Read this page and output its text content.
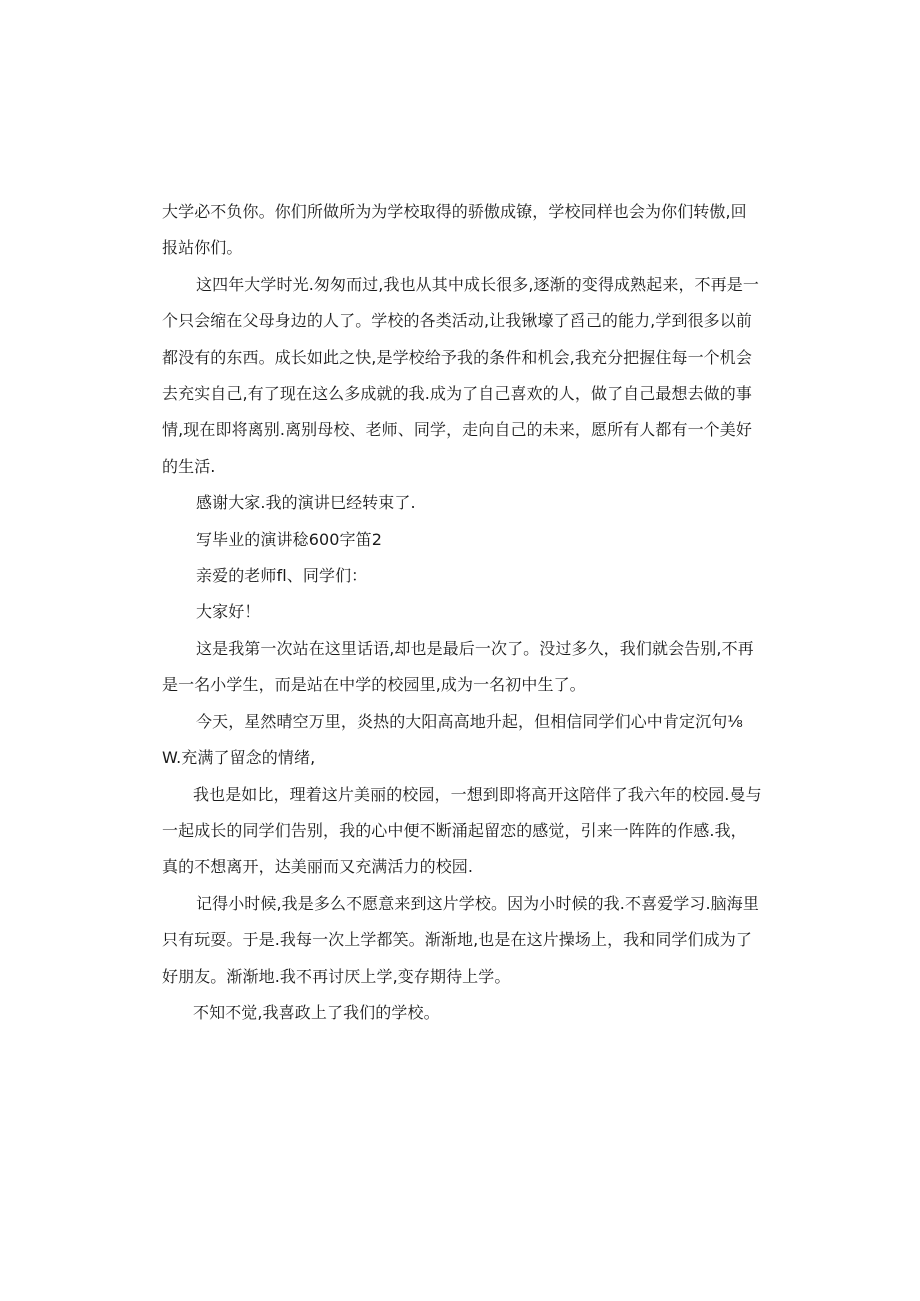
大学必不负你。你们所做所为为学校取得的骄傲成镣，学校同样也会为你们转傲,回报站你们。

这四年大学时光.匆匆而过,我也从其中成长很多,逐渐的变得成熟起来，不再是一个只会缩在父母身边的人了。学校的各类活动,让我锹壕了舀己的能力,学到很多以前都没有的东西。成长如此之快,是学校给予我的条件和机会,我充分把握住每一个机会去充实自己,有了现在这么多成就的我.成为了自己喜欢的人，做了自己最想去做的事情,现在即将离别.离别母校、老师、同学，走向自己的未来，愿所有人都有一个美好的生活.

感谢大家.我的演讲巳经转束了.

写毕业的演讲稔600字笛2

亲爱的老师fl、同学们：

大家好！

这是我第一次站在这里话语,却也是最后一次了。没过多久，我们就会告别,不再是一名小学生，而是站在中学的校园里,成为一名初中生了。

今天，星然晴空万里，炎热的大阳高高地升起，但相信同学们心中肯定沉句⅛W.充满了留念的情绪,

我也是如比，理着这片美丽的校园，一想到即将高开这陪伴了我六年的校园.曼与一起成长的同学们告别，我的心中便不断涌起留恋的感觉，引来一阵阵的作感.我，真的不想离开，达美丽而又充满活力的校园.

记得小时候,我是多么不愿意来到这片学校。因为小时候的我.不喜爱学习.脑海里只有玩耍。于是.我每一次上学都笑。渐渐地,也是在这片操场上，我和同学们成为了好朋友。渐渐地.我不再讨厌上学,变存期待上学。

不知不觉,我喜政上了我们的学校。
